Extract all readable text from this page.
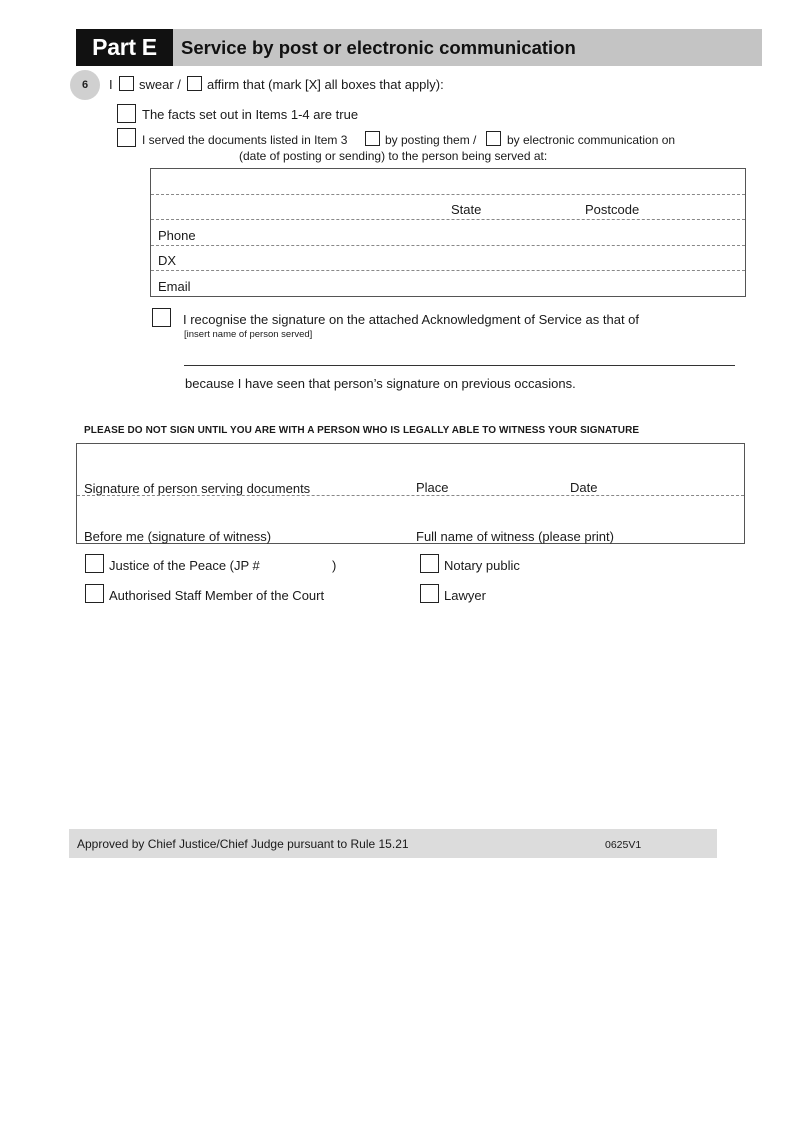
Part E	Service by post or electronic communication
6	I swear / affirm that (mark [X] all boxes that apply):
The facts set out in Items 1-4 are true
I served the documents listed in Item 3	by posting them /	by electronic communication on
(date of posting or sending) to the person being served at:
State	Postcode
Phone
DX
Email
I recognise the signature on the attached Acknowledgment of Service as that of
[insert name of person served]
because I have seen that person’s signature on previous occasions.
PLEASE DO NOT SIGN UNTIL YOU ARE WITH A PERSON WHO IS LEGALLY ABLE TO WITNESS YOUR SIGNATURE
Signature of person serving documents	Place	Date
Before me (signature of witness)	Full name of witness (please print)
Justice of the Peace (JP #	)	Notary public
Authorised Staff Member of the Court	Lawyer
Approved by Chief Justice/Chief Judge pursuant to Rule 15.21	0625V1
